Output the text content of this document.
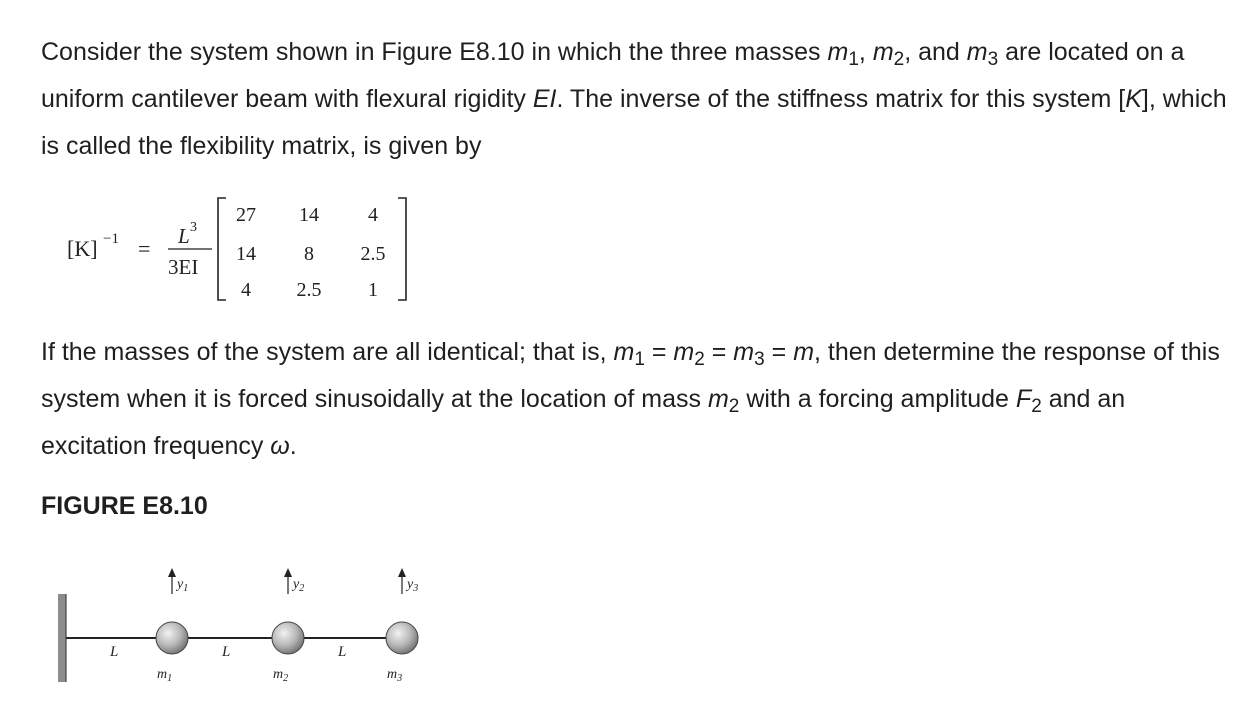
Consider the system shown in Figure E8.10 in which the three masses $m_1$, $m_2$, and $m_3$ are located on a uniform cantilever beam with flexural rigidity EI. The inverse of the stiffness matrix for this system [K], which is called the flexibility matrix, is given by

[K] −1 = L 3
3EI
27 14 4
14 8 2.5
4 2.5 1

If the masses of the system are all identical; that is, $m_1 = m_2 = m_3 = m$, then determine the response of this system when it is forced sinusoidally at the location of mass $m_2$ with a forcing amplitude $F_2$ and an excitation frequency ω.

FIGURE E8.10

L	L	L
$y_1$
$m_1$
$y_2$
$m_2$
$y_3$
$m_3$
